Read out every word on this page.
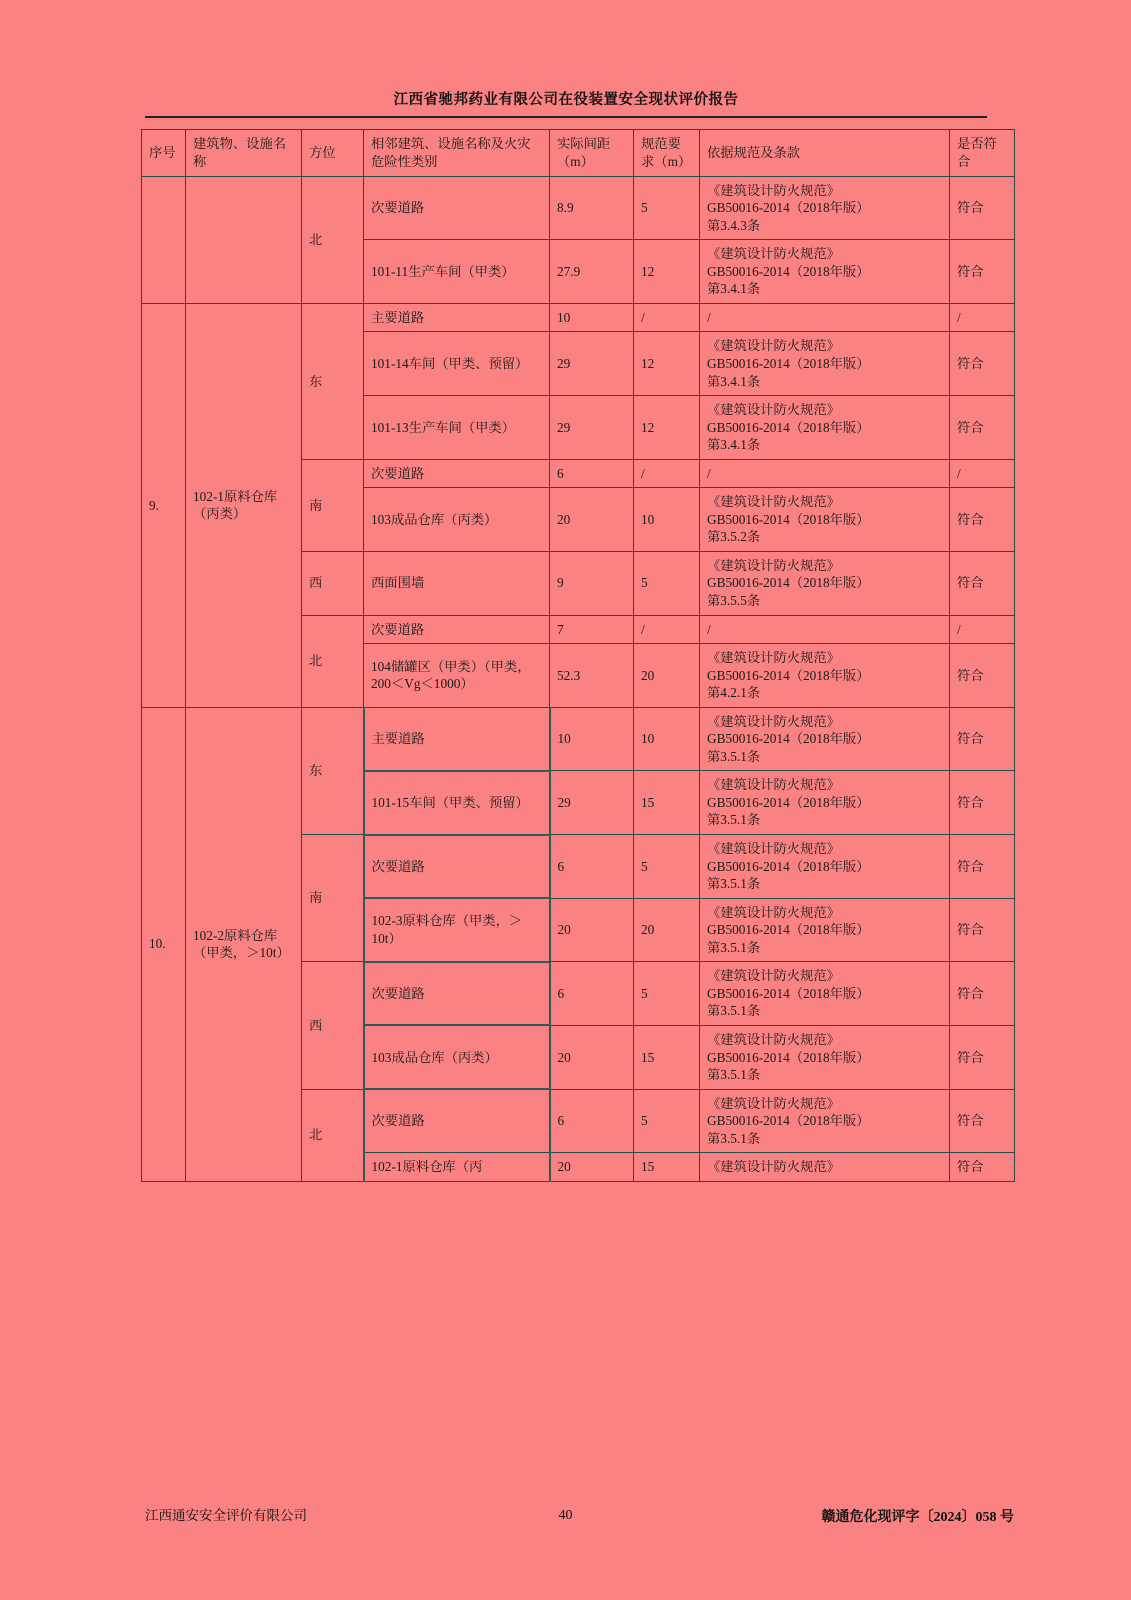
江西省驰邦药业有限公司在役装置安全现状评价报告
序号	建筑物、设施名称	方位	相邻建筑、设施名称及火灾危险性类别	实际间距（m）	规范要求（m）	依据规范及条款	是否符合
		北	次要道路	8.9	5	《建筑设计防火规范》
GB50016-2014（2018年版）
第3.4.3条	符合
			101-11生产车间（甲类）	27.9	12	《建筑设计防火规范》
GB50016-2014（2018年版）
第3.4.1条	符合
9.	102-1原料仓库（丙类）	东	主要道路	10	/	/	/
			101-14车间（甲类、预留）	29	12	《建筑设计防火规范》
GB50016-2014（2018年版）
第3.4.1条	符合
			101-13生产车间（甲类）	29	12	《建筑设计防火规范》
GB50016-2014（2018年版）
第3.4.1条	符合
		南	次要道路	6	/	/	/
			103成品仓库（丙类）	20	10	《建筑设计防火规范》
GB50016-2014（2018年版）
第3.5.2条	符合
		西	西面围墙	9	5	《建筑设计防火规范》
GB50016-2014（2018年版）
第3.5.5条	符合
		北	次要道路	7	/	/	/
			104储罐区（甲类）（甲类，200＜Vg＜1000）	52.3	20	《建筑设计防火规范》
GB50016-2014（2018年版）
第4.2.1条	符合
10.	102-2原料仓库（甲类，＞10t）	东	主要道路	10	10	《建筑设计防火规范》
GB50016-2014（2018年版）
第3.5.1条	符合
			101-15车间（甲类、预留）	29	15	《建筑设计防火规范》
GB50016-2014（2018年版）
第3.5.1条	符合
		南	次要道路	6	5	《建筑设计防火规范》
GB50016-2014（2018年版）
第3.5.1条	符合
			102-3原料仓库（甲类，＞10t）	20	20	《建筑设计防火规范》
GB50016-2014（2018年版）
第3.5.1条	符合
		西	次要道路	6	5	《建筑设计防火规范》
GB50016-2014（2018年版）
第3.5.1条	符合
			103成品仓库（丙类）	20	15	《建筑设计防火规范》
GB50016-2014（2018年版）
第3.5.1条	符合
		北	次要道路	6	5	《建筑设计防火规范》
GB50016-2014（2018年版）
第3.5.1条	符合
			102-1原料仓库（丙	20	15	《建筑设计防火规范》	符合
江西通安安全评价有限公司	40	赣通危化现评字〔2024〕058 号
